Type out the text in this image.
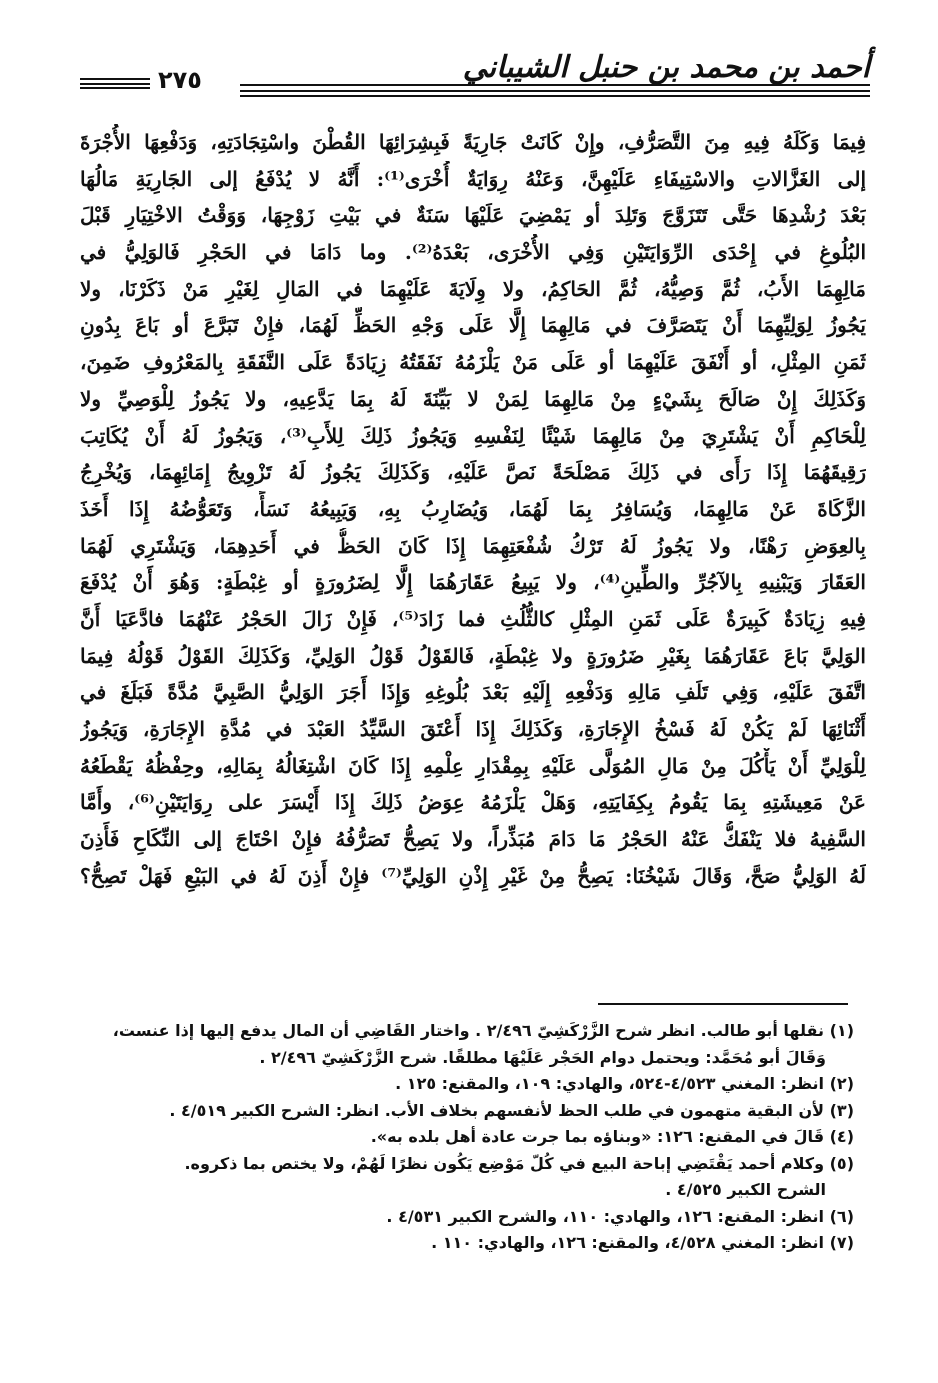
أحمد بن محمد بن حنبل الشيباني
٢٧٥
فِيمَا وَكَلَهُ فِيهِ مِنَ التَّصَرُّفِ، وإِنْ كَانَتْ جَارِيَةً فَبِشِرَائِهَا القُطْنَ واسْتِجَادَتِهِ، وَدَفْعِهَا الأُجْرَةَ
إلى الغَزَّالاتِ والاسْتِيفَاءِ عَلَيْهِنَّ، وَعَنْهُ رِوَايَةٌ أُخْرَى⁽¹⁾: أَنَّهُ لا يُدْفَعُ إلى الجَارِيَةِ مَالُهَا
بَعْدَ رُشْدِهَا حَتَّى تَتَزَوَّجَ وَتَلِدَ أو يَمْضِيَ عَلَيْهَا سَنَةٌ في بَيْتِ زَوْجِهَا، وَوَقْتُ الاخْتِيَارِ قَبْلَ
البُلُوغِ في إِحْدَى الرِّوَايَتَيْنِ وَفِي الأُخْرَى، بَعْدَهُ⁽²⁾. وما دَامَا في الحَجْرِ فَالوَلِيُّ في
مَالِهِمَا الأَبُ، ثُمَّ وَصِيُّهُ، ثُمَّ الحَاكِمُ، ولا وِلَايَةَ عَلَيْهِمَا في المَالِ لِغَيْرِ مَنْ ذَكَرْنَا، ولا
يَجُوزُ لِوَلِيِّهِمَا أَنْ يَتَصَرَّفَ في مَالِهِمَا إِلَّا عَلَى وَجْهِ الحَظِّ لَهُمَا، فإِنْ تَبَرَّعَ أو بَاعَ بِدُونِ
ثَمَنِ المِثْلِ، أو أَنْفَقَ عَلَيْهِمَا أو عَلَى مَنْ يَلْزَمُهُ نَفَقَتُهُ زِيَادَةً عَلَى النَّفَقَةِ بِالمَعْرُوفِ ضَمِنَ،
وَكَذَلِكَ إِنْ صَالَحَ بِشَيْءٍ مِنْ مَالِهِمَا لِمَنْ لا بَيِّنَةَ لَهُ بِمَا يَدَّعِيهِ، ولا يَجُوزُ لِلْوَصِيِّ ولا
لِلْحَاكِمِ أَنْ يَشْتَرِيَ مِنْ مَالِهِمَا شَيْئًا لِنَفْسِهِ وَيَجُوزُ ذَلِكَ لِلأَبِ⁽³⁾، وَيَجُوزُ لَهُ أَنْ يُكَاتِبَ
رَقِيقَهُمَا إِذَا رَأَى في ذَلِكَ مَصْلَحَةً نَصَّ عَلَيْهِ، وَكَذَلِكَ يَجُوزُ لَهُ تَزْوِيجُ إِمَائِهِمَا، وَيُخْرِجُ
الزَّكَاةَ عَنْ مَالِهِمَا، وَيُسَافِرُ بِمَا لَهُمَا، وَيُضَارِبُ بِهِ، وَيَبِيعُهُ نَسَأً، وَتَعَوُّضُهُ إِذَا أَخَذَ
بِالعِوَضِ رَهْنًا، ولا يَجُوزُ لَهُ تَرْكُ شُفْعَتِهِمَا إِذَا كَانَ الحَظُّ في أَحَدِهِمَا، وَيَشْتَرِي لَهُمَا
العَقَارَ وَيَبْنِيهِ بِالآجُرِّ والطِّينِ⁽⁴⁾، ولا يَبِيعُ عَقَارَهُمَا إِلَّا لِضَرُورَةٍ أو غِبْطَةٍ: وَهُوَ أَنْ يُدْفَعَ
فِيهِ زِيَادَةٌ كَبِيرَةٌ عَلَى ثَمَنِ المِثْلِ كالثُّلُثِ فما زَادَ⁽⁵⁾، فَإِنْ زَالَ الحَجْرُ عَنْهُمَا فادَّعَيَا أَنَّ
الوَلِيَّ بَاعَ عَقَارَهُمَا بِغَيْرِ ضَرُورَةٍ ولا غِبْطَةٍ، فَالقَوْلُ قَوْلُ الوَلِيِّ، وَكَذَلِكَ القَوْلُ قَوْلُهُ فِيمَا
اتَّفَقَ عَلَيْهِ، وَفِي تَلَفِ مَالِهِ وَدَفْعِهِ إِلَيْهِ بَعْدَ بُلُوغِهِ وَإِذَا أَجَرَ الوَلِيُّ الصَّبِيَّ مُدَّةً فَبَلَغَ في
أَثْنَائِهَا لَمْ يَكُنْ لَهُ فَسْخُ الإِجَارَةِ، وَكَذَلِكَ إِذَا أَعْتَقَ السَّيِّدُ العَبْدَ في مُدَّةِ الإِجَارَةِ، وَيَجُوزُ
لِلْوَلِيِّ أَنْ يَأْكُلَ مِنْ مَالِ المُوَلَّى عَلَيْهِ بِمِقْدَارِ عِلْمِهِ إِذَا كَانَ اشْتِغَالُهُ بِمَالِهِ، وحِفْظُهُ يَقْطَعُهُ
عَنْ مَعِيشَتِهِ بِمَا يَقُومُ بِكِفَايَتِهِ، وَهَلْ يَلْزَمُهُ عِوَضُ ذَلِكَ إِذَا أَيْسَرَ على رِوَايَتَيْنِ⁽⁶⁾، وأَمَّا
السَّفِيهُ فلا يَنْفَكُّ عَنْهُ الحَجْرُ مَا دَامَ مُبَذِّراً، ولا يَصِحُّ تَصَرُّفُهُ فإِنْ احْتَاجَ إلى النِّكَاحِ فَأَذِنَ
لَهُ الوَلِيُّ صَحَّ، وَقَالَ شَيْخُنَا: يَصِحُّ مِنْ غَيْرِ إِذْنِ الوَلِيِّ⁽⁷⁾ فإِنْ أَذِنَ لَهُ في البَيْعِ فَهَلْ تَصِحُّ؟
(١) نقلها أبو طالب. انظر شرح الزَّرْكَشِيّ ٢/٤٩٦ . واختار القَاضِي أن المال يدفع إليها إذا عنست،
وَقَالَ أبو مُحَمَّد: ويحتمل دوام الحَجْر عَلَيْهَا مطلقًا. شرح الزَّرْكَشِيّ ٢/٤٩٦ .
(٢) انظر: المغني ٤/٥٢٣-٥٢٤، والهادي: ١٠٩، والمقنع: ١٢٥ .
(٣) لأن البقية متهمون في طلب الحظ لأنفسهم بخلاف الأب. انظر: الشرح الكبير ٤/٥١٩ .
(٤) قَالَ في المقنع: ١٢٦: «وبناؤه بما جرت عادة أهل بلده به».
(٥) وكلام أحمد يَقْتَضِي إباحة البيع في كُلّ مَوْضِع يَكُون نظرًا لَهُمْ، ولا يختص بما ذكروه.
الشرح الكبير ٤/٥٢٥ .
(٦) انظر: المقنع: ١٢٦، والهادي: ١١٠، والشرح الكبير ٤/٥٣١ .
(٧) انظر: المغني ٤/٥٢٨، والمقنع: ١٢٦، والهادي: ١١٠ .
